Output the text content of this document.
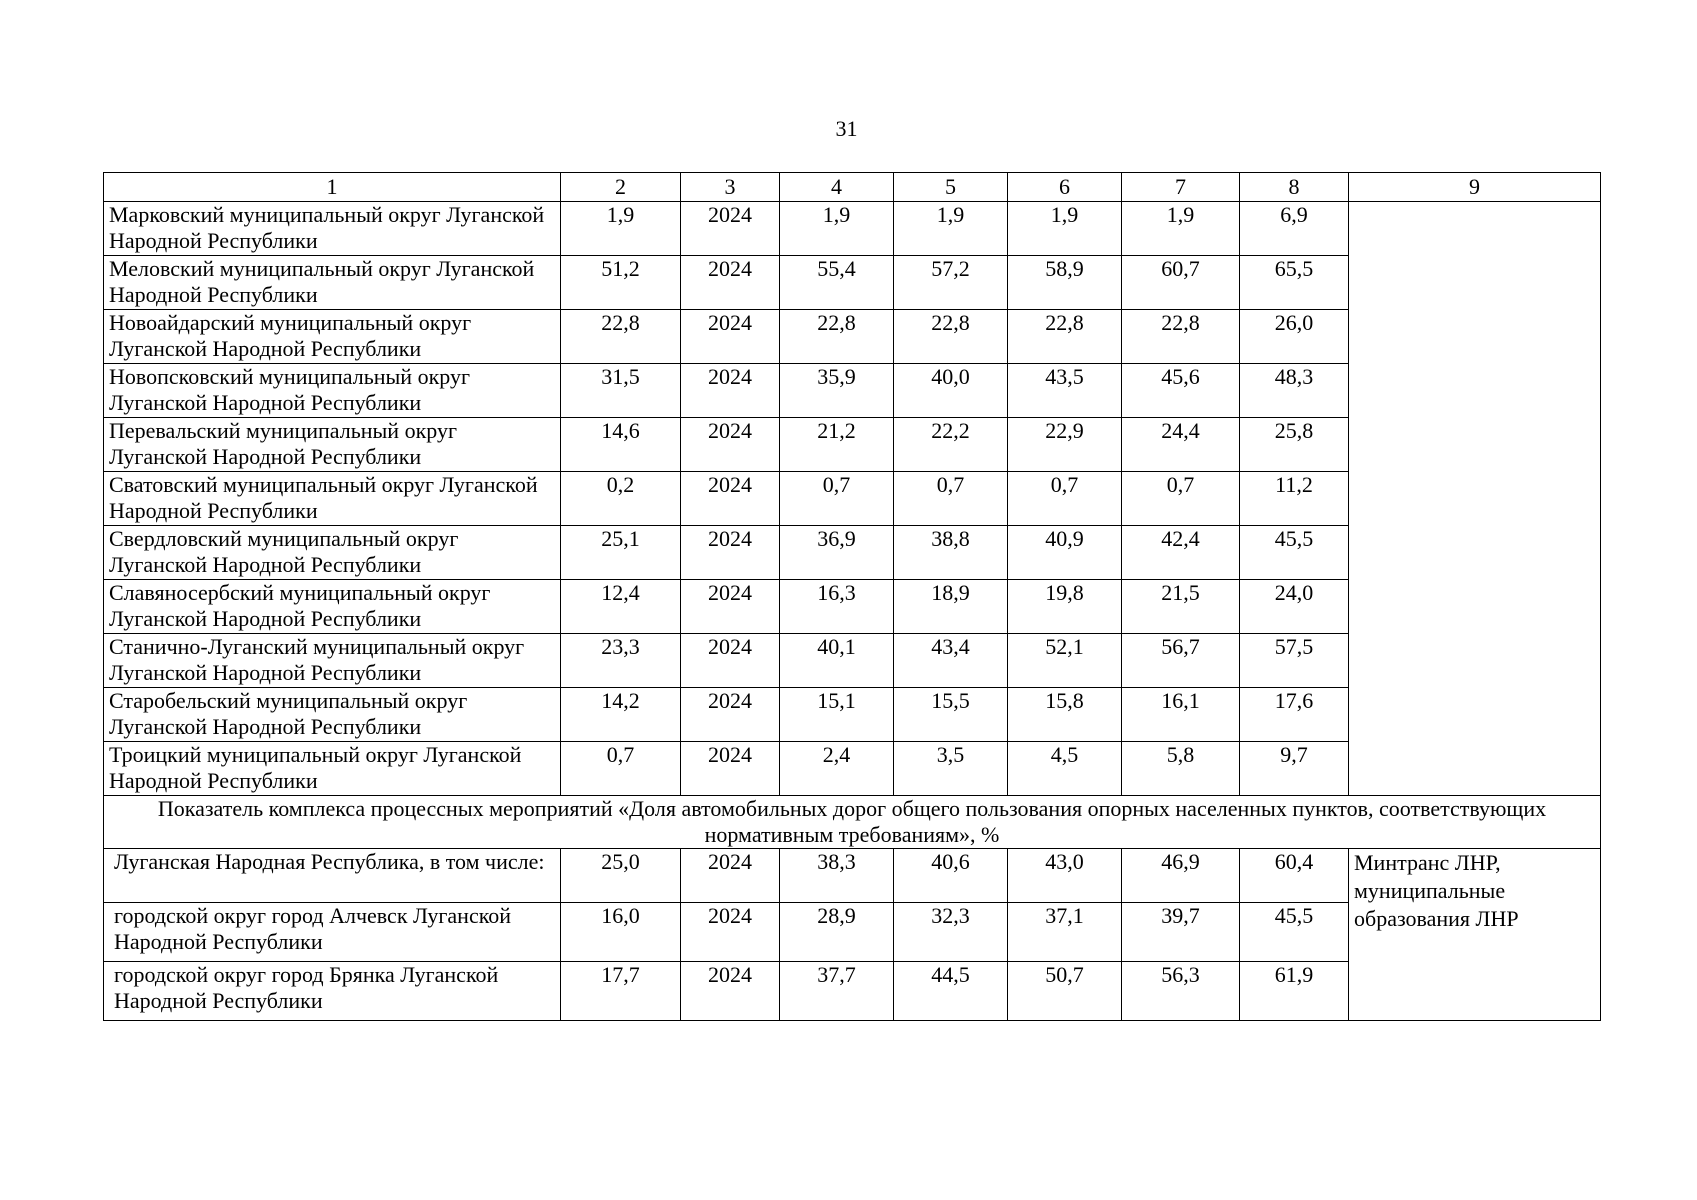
31
1	2	3	4	5	6	7	8	9
Марковский муниципальный округ Луганской Народной Республики	1,9	2024	1,9	1,9	1,9	1,9	6,9	
Меловский муниципальный округ Луганской Народной Республики	51,2	2024	55,4	57,2	58,9	60,7	65,5	
Новоайдарский муниципальный округ Луганской Народной Республики	22,8	2024	22,8	22,8	22,8	22,8	26,0	
Новопсковский муниципальный округ Луганской Народной Республики	31,5	2024	35,9	40,0	43,5	45,6	48,3	
Перевальский муниципальный округ Луганской Народной Республики	14,6	2024	21,2	22,2	22,9	24,4	25,8	
Сватовский муниципальный округ Луганской Народной Республики	0,2	2024	0,7	0,7	0,7	0,7	11,2	
Свердловский муниципальный округ Луганской Народной Республики	25,1	2024	36,9	38,8	40,9	42,4	45,5	
Славяносербский муниципальный округ Луганской Народной Республики	12,4	2024	16,3	18,9	19,8	21,5	24,0	
Станично-Луганский муниципальный округ Луганской Народной Республики	23,3	2024	40,1	43,4	52,1	56,7	57,5	
Старобельский муниципальный округ Луганской Народной Республики	14,2	2024	15,1	15,5	15,8	16,1	17,6	
Троицкий муниципальный округ Луганской Народной Республики	0,7	2024	2,4	3,5	4,5	5,8	9,7	
Показатель комплекса процессных мероприятий «Доля автомобильных дорог общего пользования опорных населенных пунктов, соответствующих нормативным требованиям», %								
Луганская Народная Республика, в том числе:	25,0	2024	38,3	40,6	43,0	46,9	60,4	Минтранс ЛНР, муниципальные образования ЛНР
городской округ город Алчевск Луганской Народной Республики	16,0	2024	28,9	32,3	37,1	39,7	45,5	
городской округ город Брянка Луганской Народной Республики	17,7	2024	37,7	44,5	50,7	56,3	61,9	
